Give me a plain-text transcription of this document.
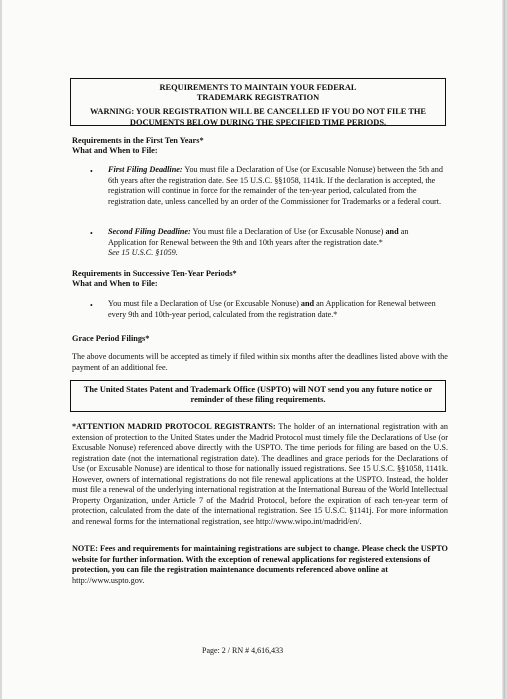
REQUIREMENTS TO MAINTAIN YOUR FEDERAL
TRADEMARK REGISTRATION
WARNING: YOUR REGISTRATION WILL BE CANCELLED IF YOU DO NOT FILE THE
DOCUMENTS BELOW DURING THE SPECIFIED TIME PERIODS.
Requirements in the First Ten Years*
What and When to File:
• First Filing Deadline: You must file a Declaration of Use (or Excusable Nonuse) between the 5th and 6th years after the registration date. See 15 U.S.C. §§1058, 1141k. If the declaration is accepted, the registration will continue in force for the remainder of the ten-year period, calculated from the registration date, unless cancelled by an order of the Commissioner for Trademarks or a federal court.
• Second Filing Deadline: You must file a Declaration of Use (or Excusable Nonuse) and an Application for Renewal between the 9th and 10th years after the registration date.*
See 15 U.S.C. §1059.
Requirements in Successive Ten-Year Periods*
What and When to File:
• You must file a Declaration of Use (or Excusable Nonuse) and an Application for Renewal between every 9th and 10th-year period, calculated from the registration date.*
Grace Period Filings*
The above documents will be accepted as timely if filed within six months after the deadlines listed above with the payment of an additional fee.
The United States Patent and Trademark Office (USPTO) will NOT send you any future notice or
reminder of these filing requirements.
*ATTENTION MADRID PROTOCOL REGISTRANTS: The holder of an international registration with an extension of protection to the United States under the Madrid Protocol must timely file the Declarations of Use (or Excusable Nonuse) referenced above directly with the USPTO. The time periods for filing are based on the U.S. registration date (not the international registration date). The deadlines and grace periods for the Declarations of Use (or Excusable Nonuse) are identical to those for nationally issued registrations. See 15 U.S.C. §§1058, 1141k. However, owners of international registrations do not file renewal applications at the USPTO. Instead, the holder must file a renewal of the underlying international registration at the International Bureau of the World Intellectual Property Organization, under Article 7 of the Madrid Protocol, before the expiration of each ten-year term of protection, calculated from the date of the international registration. See 15 U.S.C. §1141j. For more information and renewal forms for the international registration, see http://www.wipo.int/madrid/en/.
NOTE: Fees and requirements for maintaining registrations are subject to change. Please check the USPTO website for further information. With the exception of renewal applications for registered extensions of protection, you can file the registration maintenance documents referenced above online at http://www.uspto.gov.
Page: 2 / RN # 4,616,433
